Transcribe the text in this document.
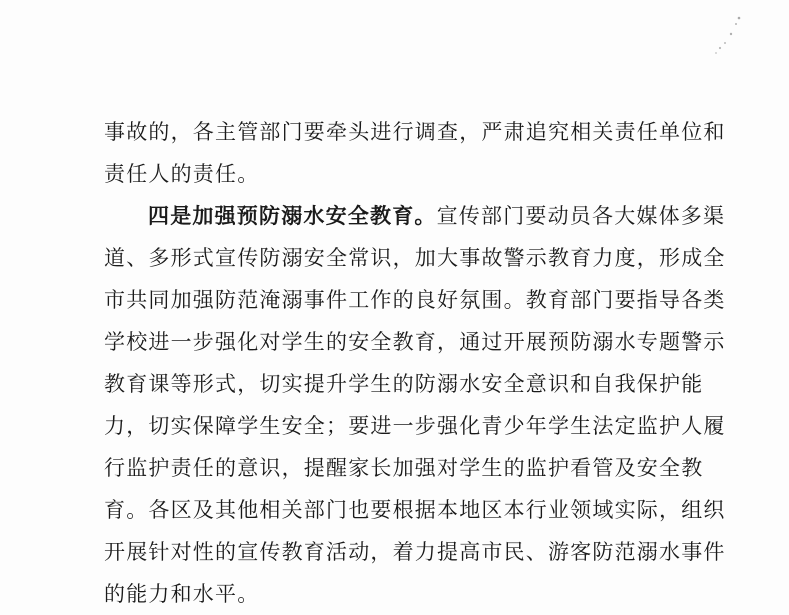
事故的，各主管部门要牵头进行调查，严肃追究相关责任单位和
责任人的责任。
四是加强预防溺水安全教育。宣传部门要动员各大媒体多渠
道、多形式宣传防溺安全常识，加大事故警示教育力度，形成全
市共同加强防范淹溺事件工作的良好氛围。教育部门要指导各类
学校进一步强化对学生的安全教育，通过开展预防溺水专题警示
教育课等形式，切实提升学生的防溺水安全意识和自我保护能
力，切实保障学生安全；要进一步强化青少年学生法定监护人履
行监护责任的意识，提醒家长加强对学生的监护看管及安全教
育。各区及其他相关部门也要根据本地区本行业领域实际，组织
开展针对性的宣传教育活动，着力提高市民、游客防范溺水事件
的能力和水平。
